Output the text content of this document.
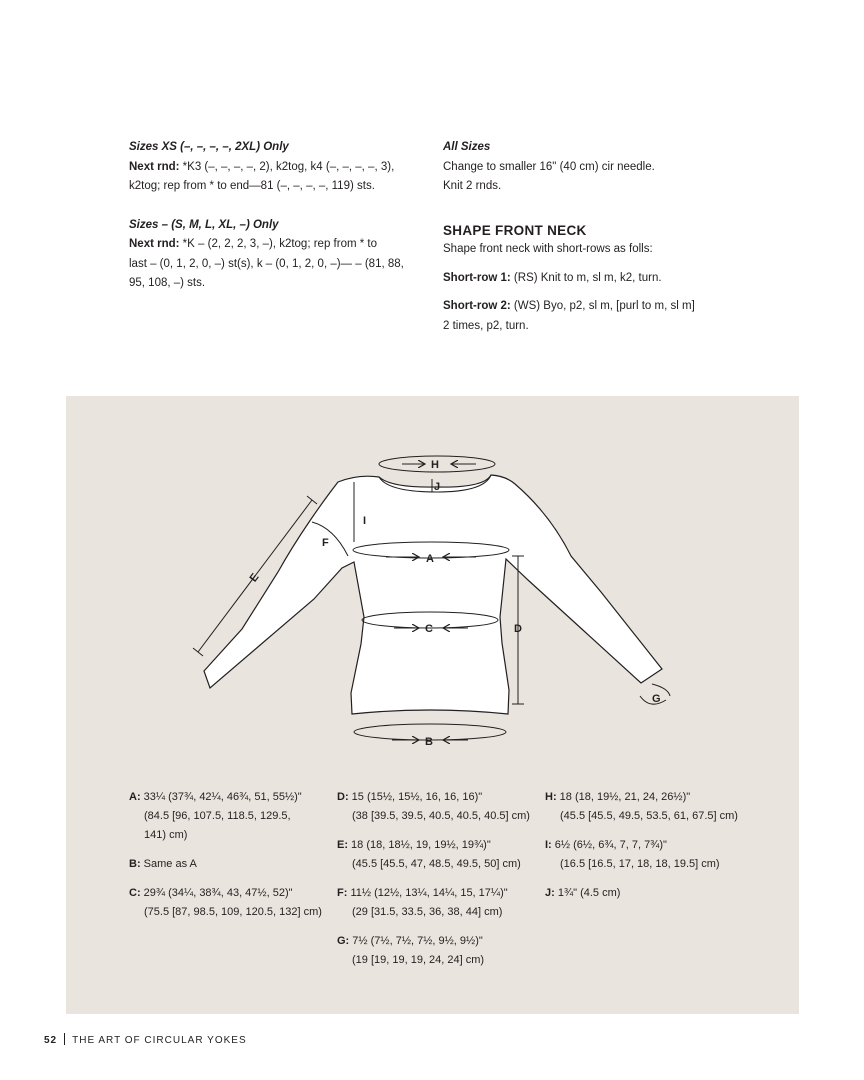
Sizes XS (–, –, –, –, 2XL) Only

Next rnd: *K3 (–, –, –, –, 2), k2tog, k4 (–, –, –, –, 3),

k2tog; rep from * to end—81 (–, –, –, –, 119) sts.

Sizes – (S, M, L, XL, –) Only

Next rnd: *K – (2, 2, 2, 3, –), k2tog; rep from * to

last – (0, 1, 2, 0, –) st(s), k – (0, 1, 2, 0, –)— – (81, 88,

95, 108, –) sts.

All Sizes

Change to smaller 16" (40 cm) cir needle.

Knit 2 rnds.

SHAPE FRONT NECK

Shape front neck with short-rows as folls:

Short-row 1: (RS) Knit to m, sl m, k2, turn.

Short-row 2: (WS) Byo, p2, sl m, [purl to m, sl m]

2 times, p2, turn.

H
J
I
A
C	D
B
E
F
G
A: 33¼ (37¾, 42¼, 46¾, 51, 55½)"
(84.5 [96, 107.5, 118.5, 129.5,
141) cm)
B: Same as A
C: 29¾ (34¼, 38¾, 43, 47½, 52)"
(75.5 [87, 98.5, 109, 120.5, 132] cm)
D: 15 (15½, 15½, 16, 16, 16)"
(38 [39.5, 39.5, 40.5, 40.5, 40.5] cm)
E: 18 (18, 18½, 19, 19½, 19¾)"
(45.5 [45.5, 47, 48.5, 49.5, 50] cm)
F: 11½ (12½, 13¼, 14¼, 15, 17¼)"
(29 [31.5, 33.5, 36, 38, 44] cm)
G: 7½ (7½, 7½, 7½, 9½, 9½)"
(19 [19, 19, 19, 24, 24] cm)
H: 18 (18, 19½, 21, 24, 26½)"
(45.5 [45.5, 49.5, 53.5, 61, 67.5] cm)
I: 6½ (6½, 6¾, 7, 7, 7¾)"
(16.5 [16.5, 17, 18, 18, 19.5] cm)
J: 1¾" (4.5 cm)
52 THE ART OF CIRCULAR YOKES
